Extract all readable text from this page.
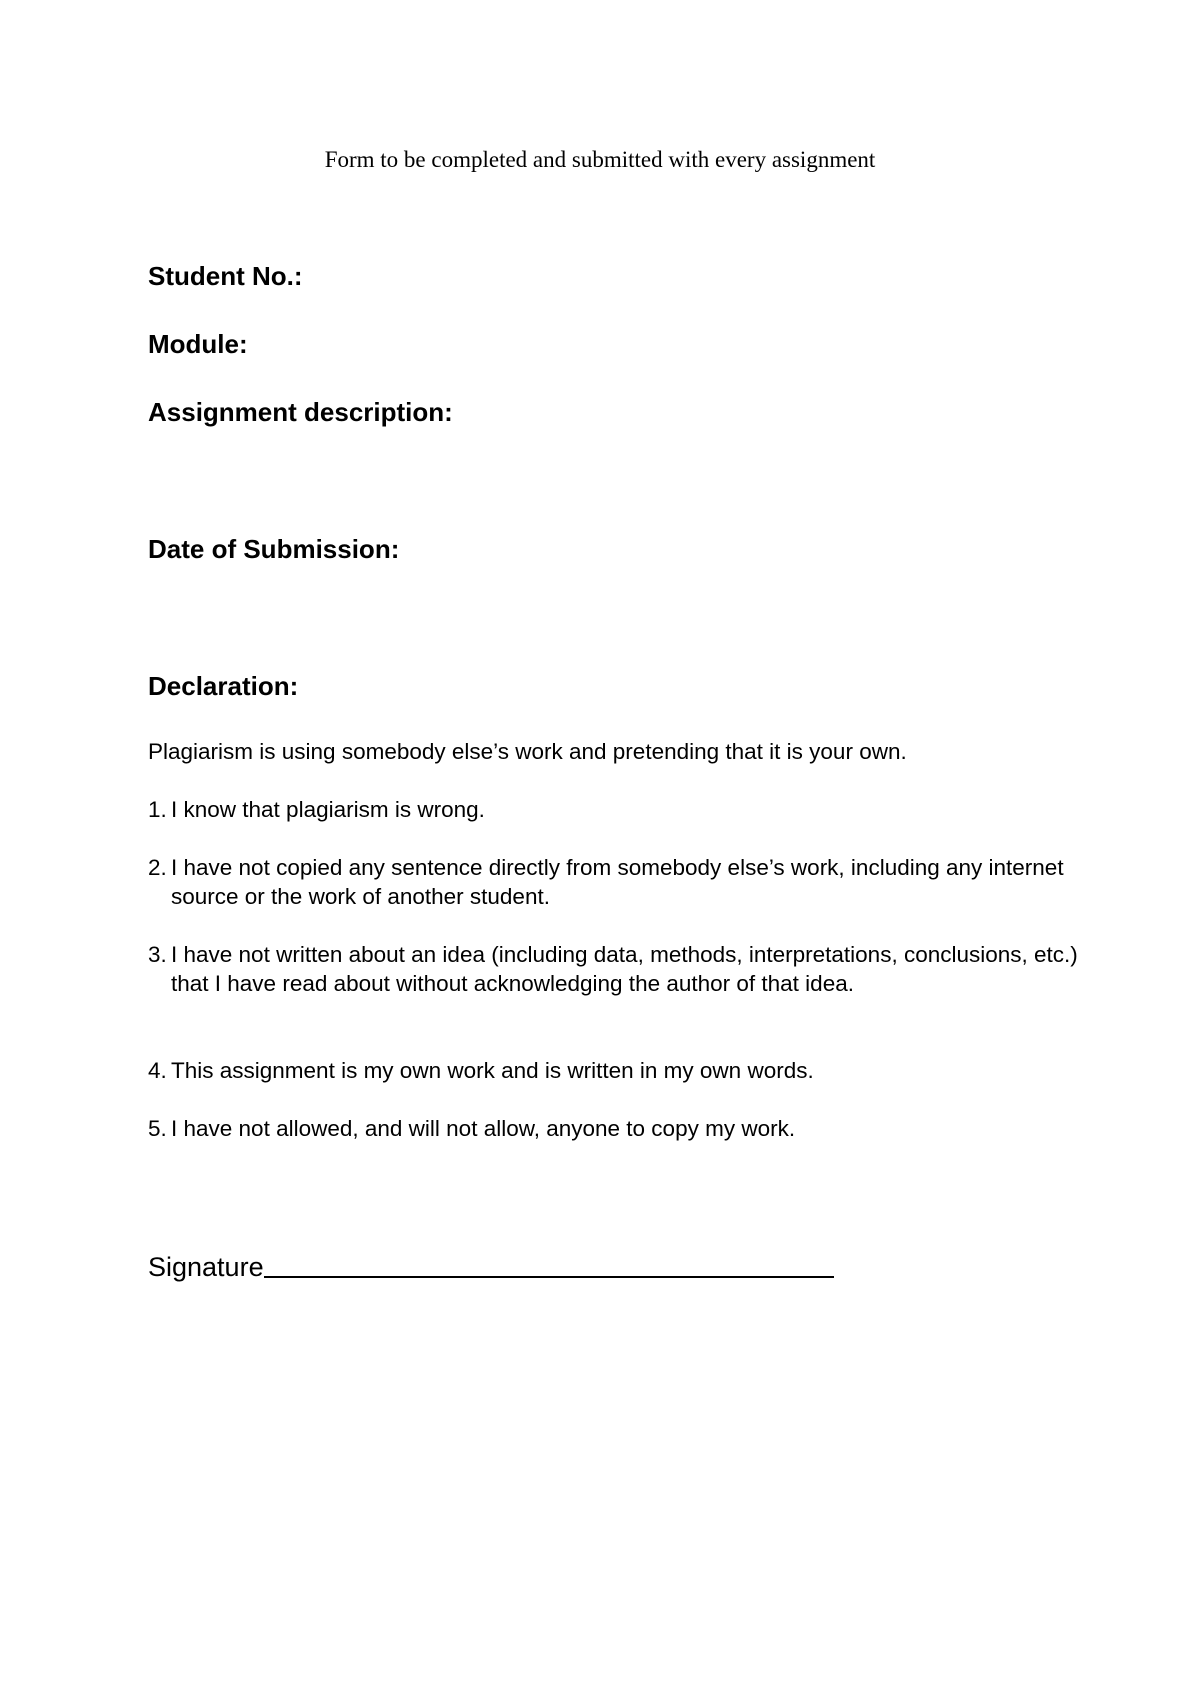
Form to be completed and submitted with every assignment
Student No.:
Module:
Assignment description:
Date of Submission:
Declaration:
Plagiarism is using somebody else’s work and pretending that it is your own.
1. I know that plagiarism is wrong.
2. I have not copied any sentence directly from somebody else’s work, including any internet source or the work of another student.
3. I have not written about an idea (including data, methods, interpretations, conclusions, etc.) that I have read about without acknowledging the author of that idea.
4. This assignment is my own work and is written in my own words.
5. I have not allowed, and will not allow, anyone to copy my work.
Signature
